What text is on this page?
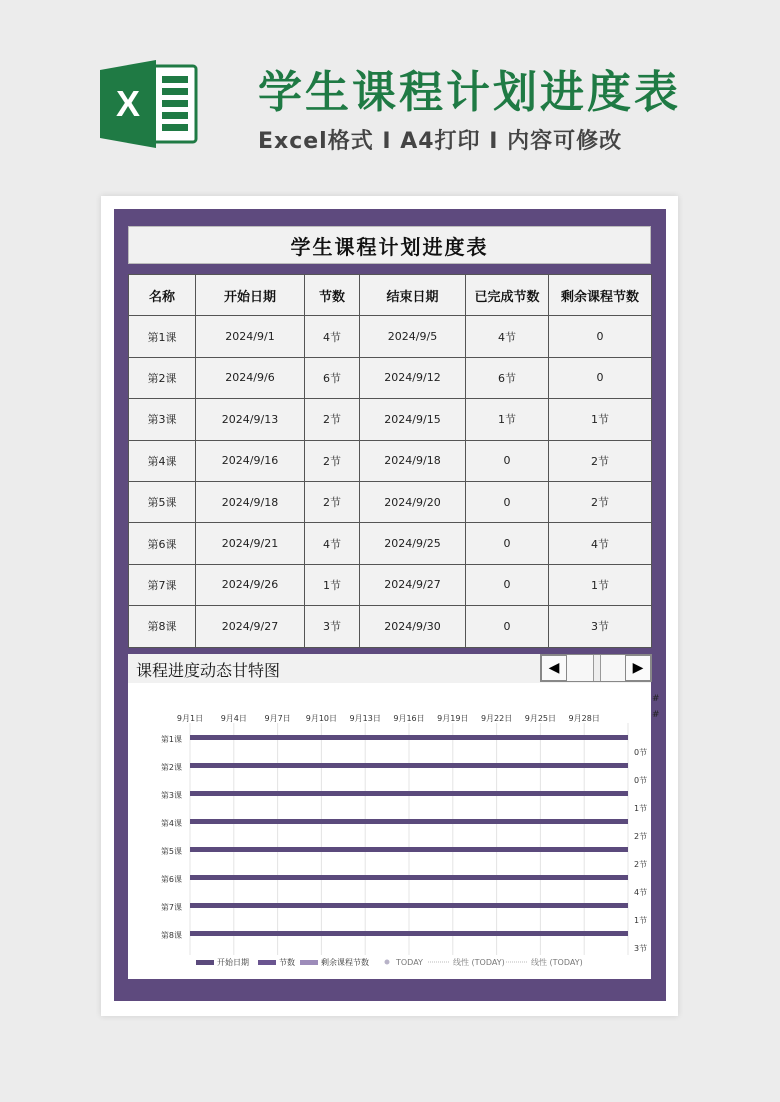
X	学生课程计划进度表
Excel格式 I A4打印 I 内容可修改
学生课程计划进度表
名称	开始日期	节数	结束日期	已完成节数	剩余课程节数
第1课	2024/9/1	4节	2024/9/5	4节	0
第2课	2024/9/6	6节	2024/9/12	6节	0
第3课	2024/9/13	2节	2024/9/15	1节	1节
第4课	2024/9/16	2节	2024/9/18	0	2节
第5课	2024/9/18	2节	2024/9/20	0	2节
第6课	2024/9/21	4节	2024/9/25	0	4节
第7课	2024/9/26	1节	2024/9/27	0	1节
第8课	2024/9/27	3节	2024/9/30	0	3节
课程进度动态甘特图	◀	▶
9月1日 9月4日 9月7日 9月10日 9月13日 9月16日 9月19日 9月22日 9月25日 9月28日
第1课
0节
第2课
0节
第3课
1节
第4课
2节
第5课
2节
第6课
4节
第7课
1节
第8课
3节
开始日期	节数	剩余课程节数	TODAY	线性 (TODAY)	线性 (TODAY)
#
#
